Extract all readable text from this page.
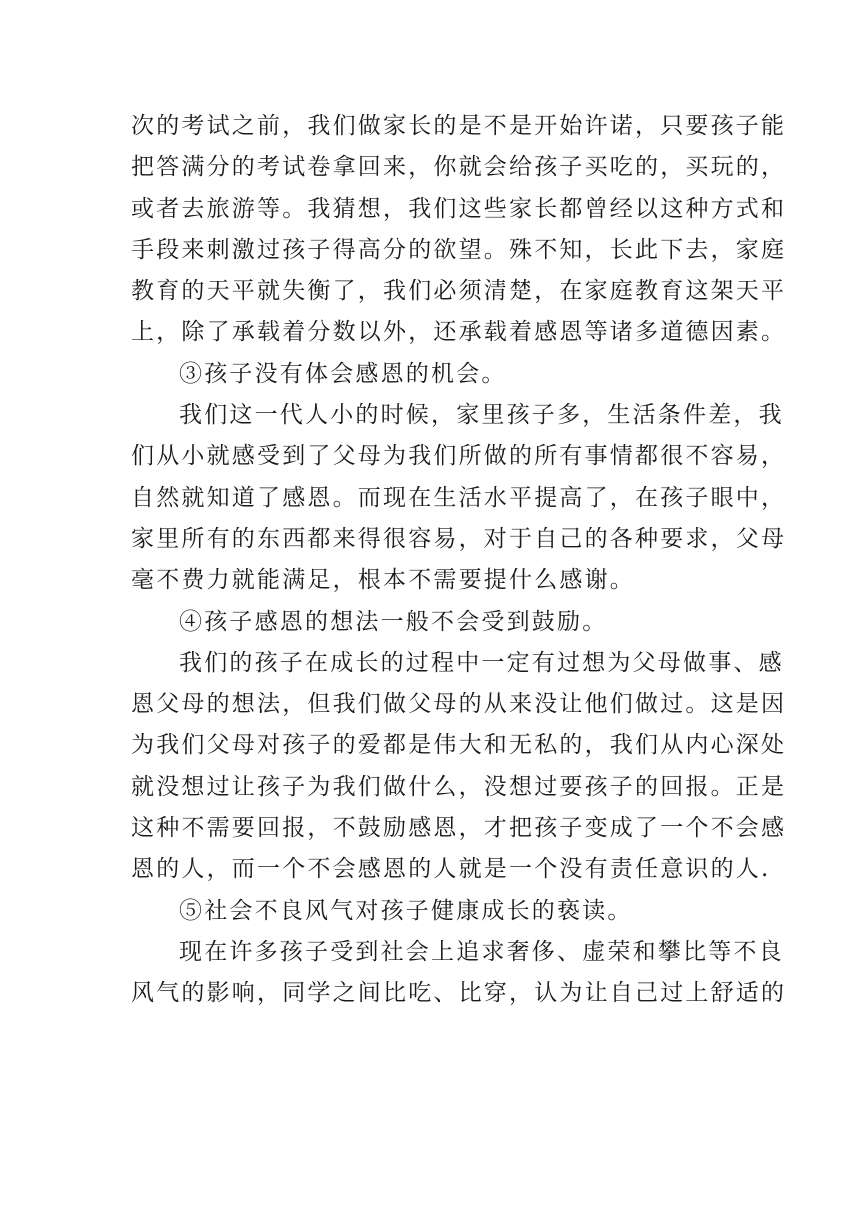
次的考试之前，我们做家长的是不是开始许诺，只要孩子能
把答满分的考试卷拿回来，你就会给孩子买吃的，买玩的，
或者去旅游等。我猜想，我们这些家长都曾经以这种方式和
手段来刺激过孩子得高分的欲望。殊不知，长此下去，家庭
教育的天平就失衡了，我们必须清楚，在家庭教育这架天平
上，除了承载着分数以外，还承载着感恩等诸多道德因素。
③孩子没有体会感恩的机会。
我们这一代人小的时候，家里孩子多，生活条件差，我
们从小就感受到了父母为我们所做的所有事情都很不容易，
自然就知道了感恩。而现在生活水平提高了，在孩子眼中，
家里所有的东西都来得很容易，对于自己的各种要求，父母
毫不费力就能满足，根本不需要提什么感谢。
④孩子感恩的想法一般不会受到鼓励。
我们的孩子在成长的过程中一定有过想为父母做事、感
恩父母的想法，但我们做父母的从来没让他们做过。这是因
为我们父母对孩子的爱都是伟大和无私的，我们从内心深处
就没想过让孩子为我们做什么，没想过要孩子的回报。正是
这种不需要回报，不鼓励感恩，才把孩子变成了一个不会感
恩的人，而一个不会感恩的人就是一个没有责任意识的人.
⑤社会不良风气对孩子健康成长的亵读。
现在许多孩子受到社会上追求奢侈、虚荣和攀比等不良
风气的影响，同学之间比吃、比穿，认为让自己过上舒适的
